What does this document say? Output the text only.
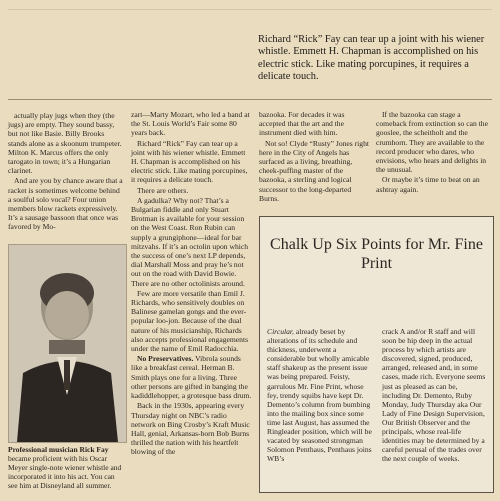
Richard “Rick” Fay can tear up a joint with his wiener whistle. Emmett H. Chapman is accomplished on his electric stick. Like mating porcupines, it requires a delicate touch.

actually play jugs when they (the jugs) are empty. They sound bassy, but not like Basie. Billy Brooks stands alone as a skoonum trumpeter. Milton K. Marcus offers the only tarogato in town; it’s a Hungarian clarinet.

And are you by chance aware that a racket is sometimes welcome behind a soulful solo vocal? Four union members blow rackets expressively. It’s a sausage bassoon that once was favored by Mo-

Professional musician Rick Fay became proficient with his Oscar Meyer single-note wiener whistle and incorporated it into his act. You can see him at Disneyland all summer.

zart—Marty Mozart, who led a band at the St. Louis World’s Fair some 80 years back.

Richard “Rick” Fay can tear up a joint with his wiener whistle. Emmett H. Chapman is accomplished on his electric stick. Like mating porcupines, it requires a delicate touch.

There are others.

A gadulka? Why not? That’s a Bulgarian fiddle and only Stuart Brotman is available for your session on the West Coast. Ron Rubin can supply a grungiphone—ideal for bar mitzvahs. If it’s an octolin upon which the success of one’s next LP depends, dial Marshall Moss and pray he’s not out on the road with David Bowie. There are no other octolinists around.

Few are more versatile than Emil J. Richards, who sensitively doubles on Balinese gamelan gongs and the ever-popular loo-jon. Because of the dual nature of his musicianship, Richards also accepts professional engagements under the name of Emil Radocchia.

No Preservatives. Vibrola sounds like a breakfast cereal. Herman B. Smith plays one for a living. Three other persons are gifted in banging the kadiddlehopper, a grotesque bass drum.

Back in the 1930s, appearing every Thursday night on NBC’s radio network on Bing Crosby’s Kraft Music Hall, genial, Arkansas-born Bob Burns thrilled the nation with his heartfelt blowing of the

bazooka. For decades it was accepted that the art and the instrument died with him.

Not so! Clyde “Rusty” Jones right here in the City of Angels has surfaced as a living, breathing, cheek-puffing master of the bazooka, a sterling and logical successor to the long-departed Burns.

If the bazooka can stage a comeback from extinction so can the gooslee, the scheitholt and the crumhorn. They are available to the record producer who dares, who envisions, who hears and delights in the unusual.

Or maybe it’s time to beat on an ashtray again.

Chalk Up Six Points for Mr. Fine Print
Circular, already beset by alterations of its schedule and thickness, underwent a considerable but wholly amicable staff shakeup as the present issue was being prepared. Feisty, garrulous Mr. Fine Print, whose fey, trendy squibs have kept Dr. Demento’s column from bumbing into the mailing box since some time last August, has assumed the Ringleader position, which will be vacated by seasoned strongman Solomon Penthaus, Penthaus joins WB’s
crack A and/or R staff and will soon be hip deep in the actual process by which artists are discovered, signed, produced, arranged, released and, in some cases, made rich. Everyone seems just as pleased as can be, including Dr. Demento, Ruby Monday, Judy Thursday aka Our Lady of Fine Design Supervision, Our British Observer and the principals, whose real-life identities may be determined by a careful perusal of the trades over the next couple of weeks.
